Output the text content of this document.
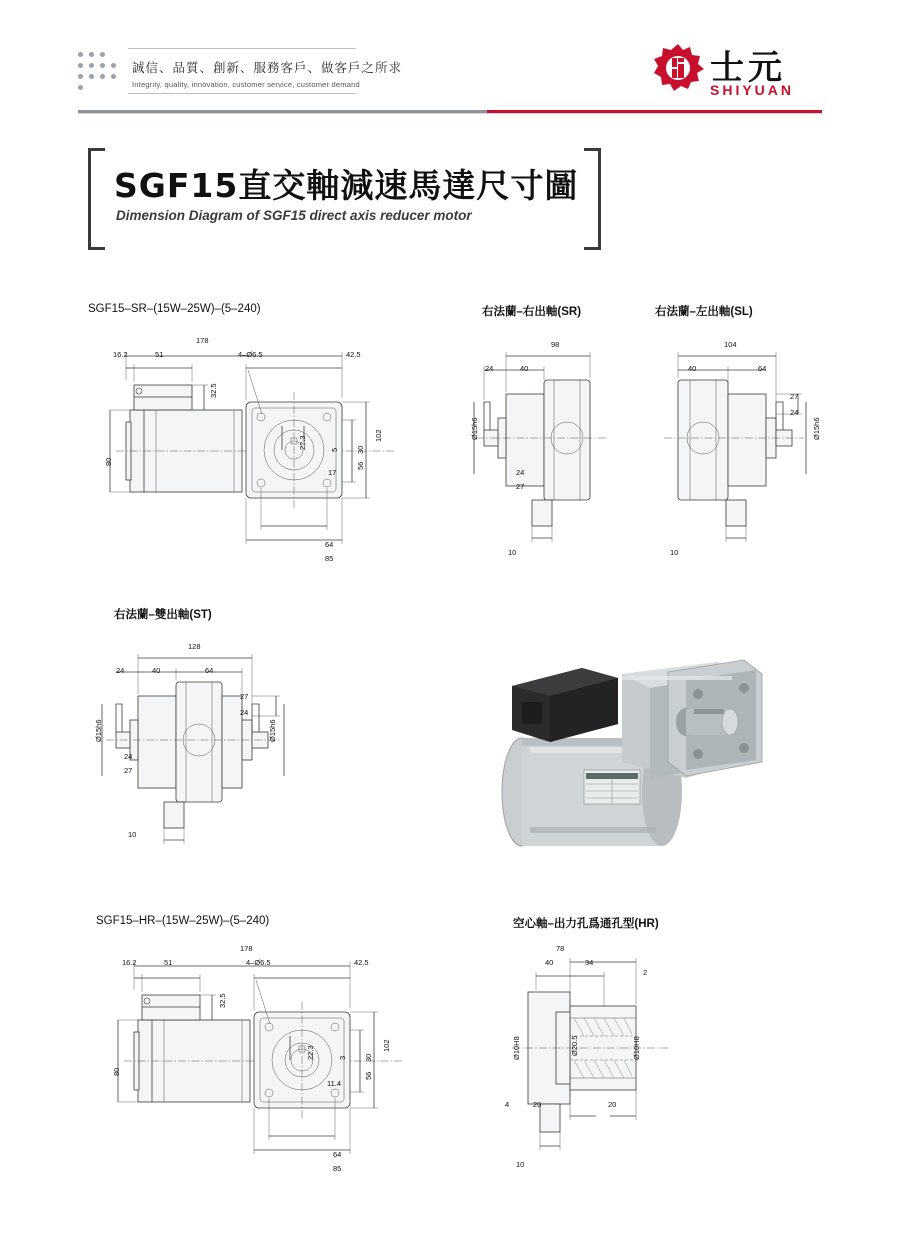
誠信、品質、創新、服務客戶、做客戶之所求
Integrity, quality, innovation, customer service, customer demand	士元
SHIYUAN
SGF15直交軸減速馬達尺寸圖
Dimension Diagram of SGF15 direct axis reducer motor
SGF15–SR–(15W–25W)–(5–240)
178
16.2	51	4–Ø6.5	42.5
32.5
5 30
22.3
17
102
56
80
64
85
右法蘭–右出軸(SR)
98
24	40
Ø15h6
24
27
10
右法蘭–左出軸(SL)
104
40	64
27
24
Ø15h6
10
右法蘭–雙出軸(ST)
128
24	40	64
27
24
Ø15h6	Ø15h6
24
27
10
SGF15–HR–(15W–25W)–(5–240)
178
16.2	51	4–Ø6.5	42.5
32.5
3 30
22.3
11.4
102
56
80
64
85
空心軸–出力孔爲通孔型(HR)
78
40	34
2
Ø10H8	Ø10H8
Ø20.5
4	20	20
10
